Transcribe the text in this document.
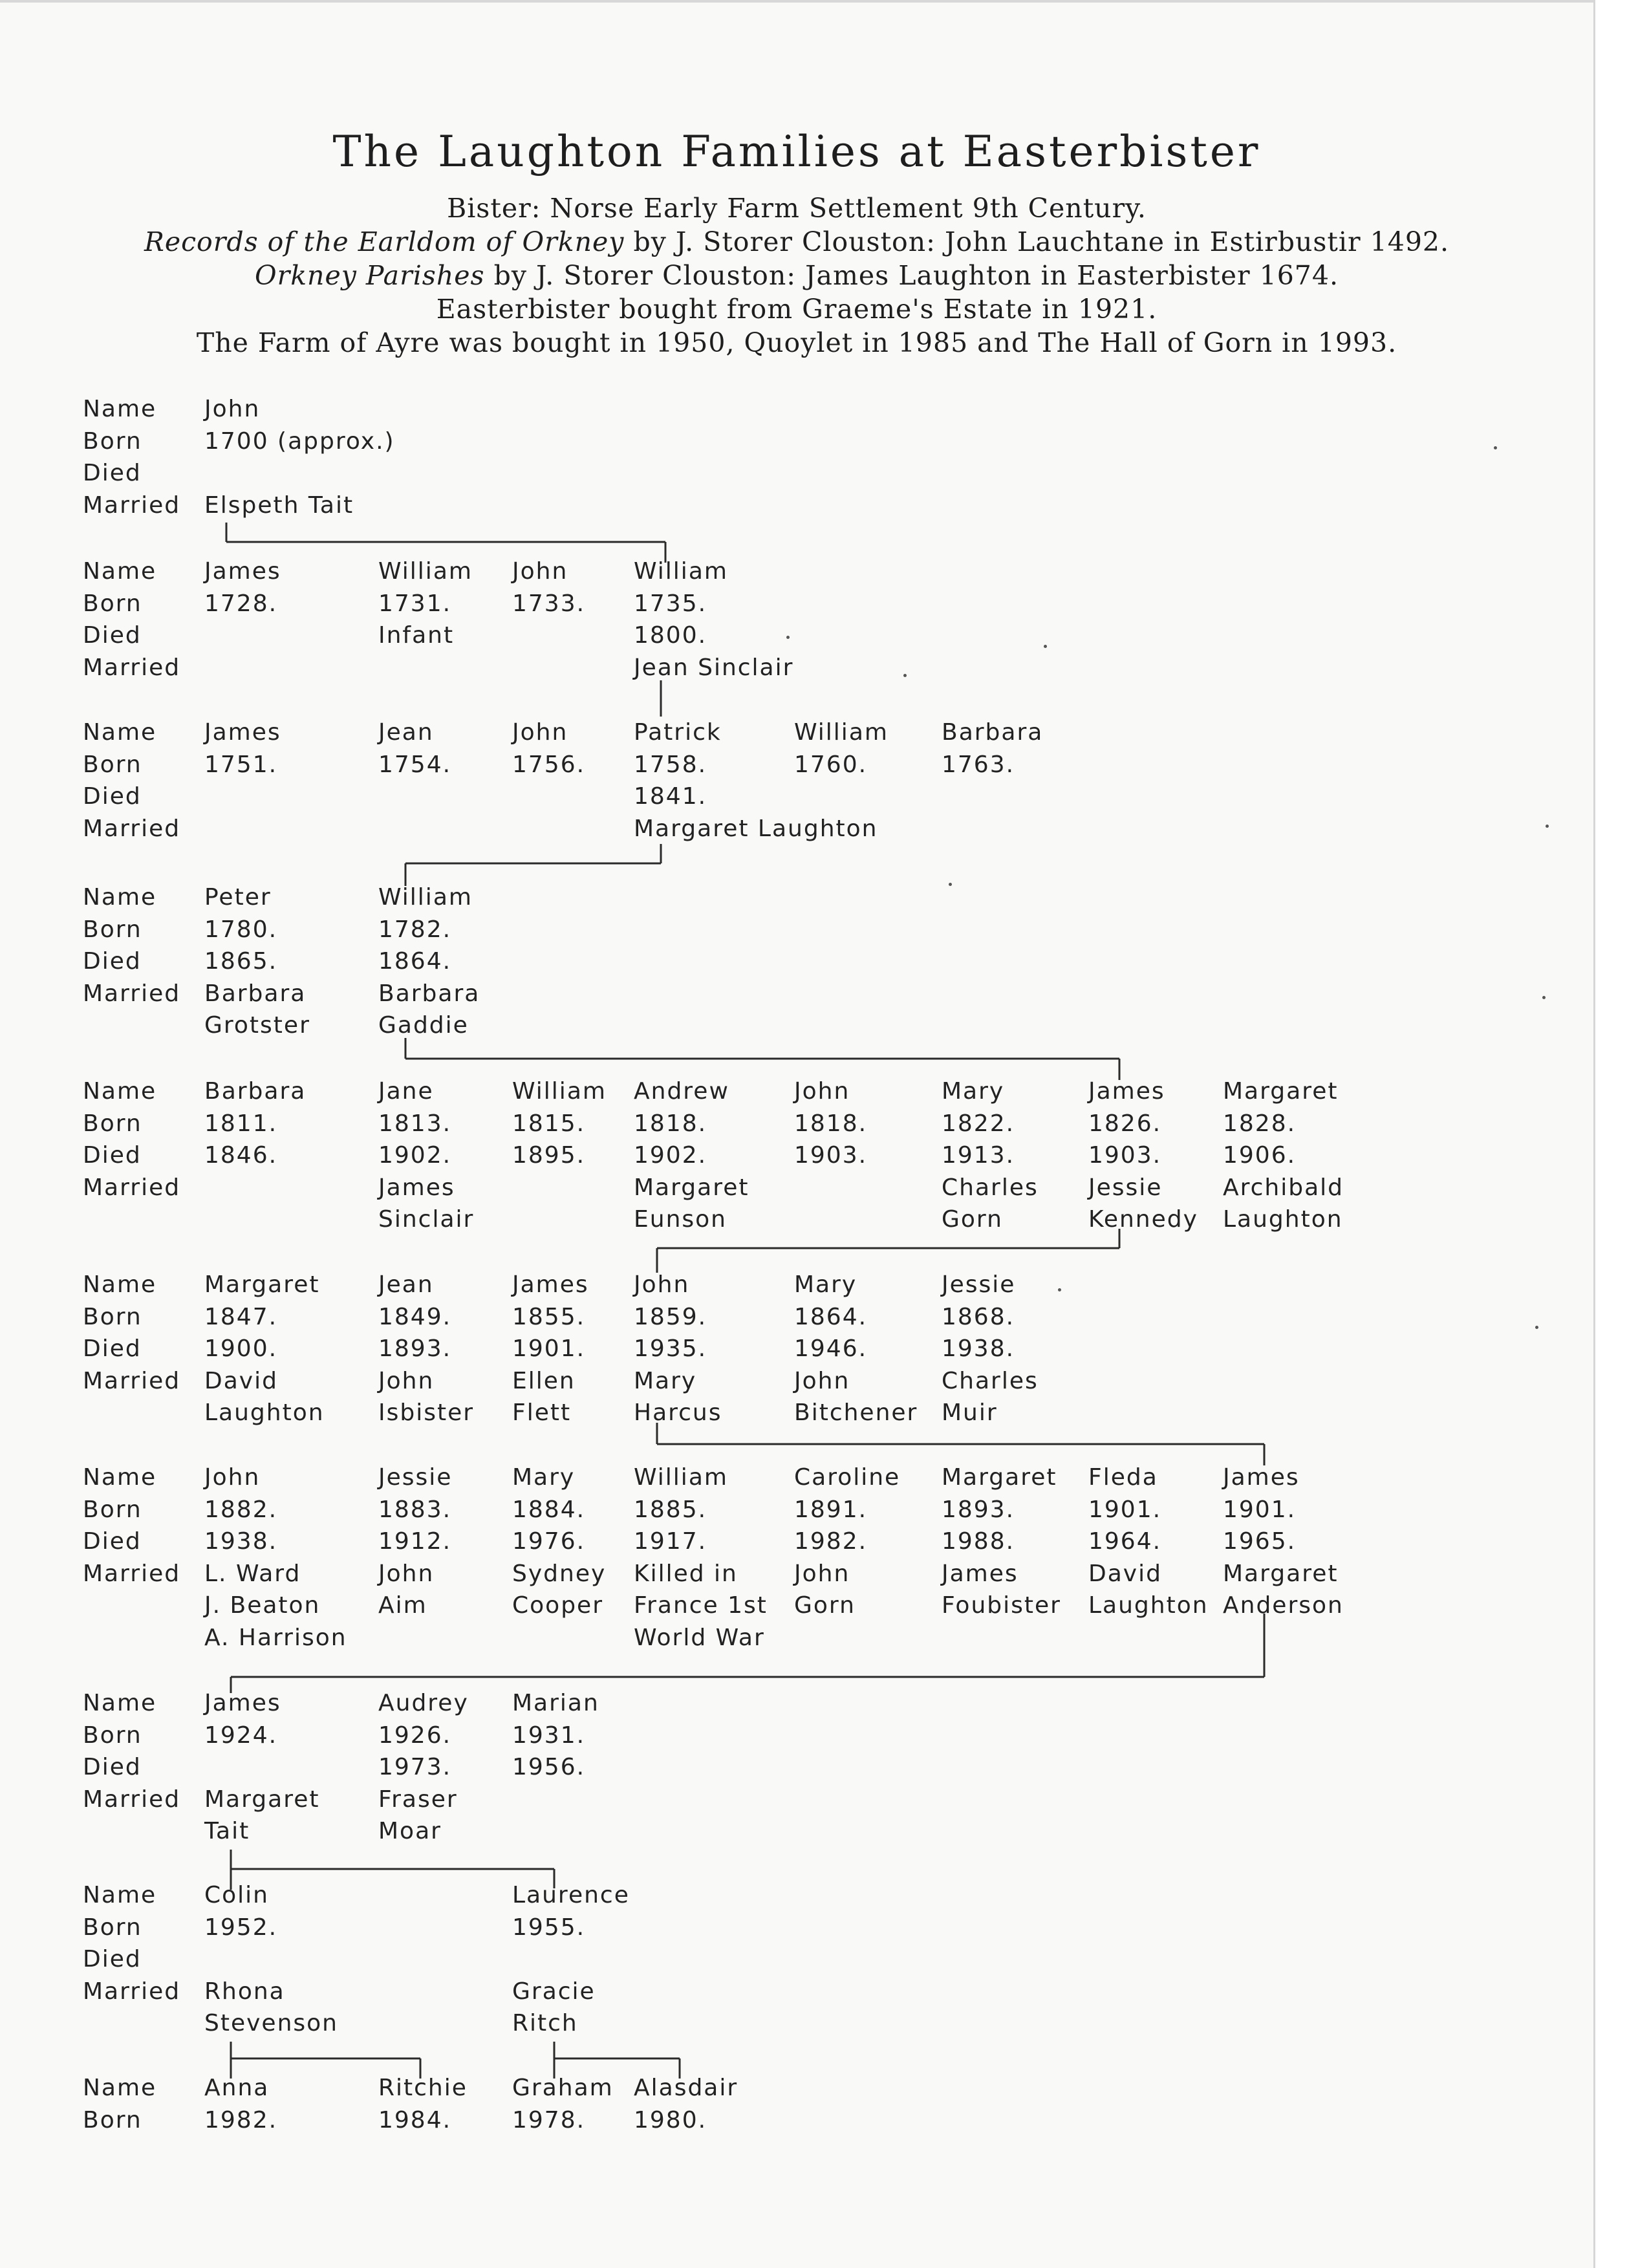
The Laughton Families at Easterbister
Bister: Norse Early Farm Settlement 9th Century.
Records of the Earldom of Orkney by J. Storer Clouston: John Lauchtane in Estirbustir 1492.
Orkney Parishes by J. Storer Clouston: James Laughton in Easterbister 1674.
Easterbister bought from Graeme's Estate in 1921.
The Farm of Ayre was bought in 1950, Quoylet in 1985 and The Hall of Gorn in 1993.
Name
Born
Died
Married
John
1700 (approx.)
Elspeth Tait
Name
Born
Died
Married
James
1728.
William
1731.
Infant
John
1733.
William
1735.
1800.
Jean Sinclair
Name
Born
Died
Married
James
1751.
Jean
1754.
John
1756.
Patrick
1758.
1841.
Margaret Laughton
William
1760.
Barbara
1763.
Name
Born
Died
Married
Peter
1780.
1865.
Barbara
Grotster
William
1782.
1864.
Barbara
Gaddie
Name
Born
Died
Married
Barbara
1811.
1846.
Jane
1813.
1902.
James
Sinclair
William
1815.
1895.
Andrew
1818.
1902.
Margaret
Eunson
John
1818.
1903.
Mary
1822.
1913.
Charles
Gorn
James
1826.
1903.
Jessie
Kennedy
Margaret
1828.
1906.
Archibald
Laughton
Name
Born
Died
Married
Margaret
1847.
1900.
David
Laughton
Jean
1849.
1893.
John
Isbister
James
1855.
1901.
Ellen
Flett
John
1859.
1935.
Mary
Harcus
Mary
1864.
1946.
John
Bitchener
Jessie
1868.
1938.
Charles
Muir
Name
Born
Died
Married
John
1882.
1938.
L. Ward
J. Beaton
A. Harrison
Jessie
1883.
1912.
John
Aim
Mary
1884.
1976.
Sydney
Cooper
William
1885.
1917.
Killed in
France 1st
World War
Caroline
1891.
1982.
John
Gorn
Margaret
1893.
1988.
James
Foubister
Fleda
1901.
1964.
David
Laughton
James
1901.
1965.
Margaret
Anderson
Name
Born
Died
Married
James
1924.
Margaret
Tait
Audrey
1926.
1973.
Fraser
Moar
Marian
1931.
1956.
Name
Born
Died
Married
Colin
1952.
Rhona
Stevenson
Laurence
1955.
Gracie
Ritch
Name
Born
Anna
1982.
Ritchie
1984.
Graham
1978.
Alasdair
1980.
